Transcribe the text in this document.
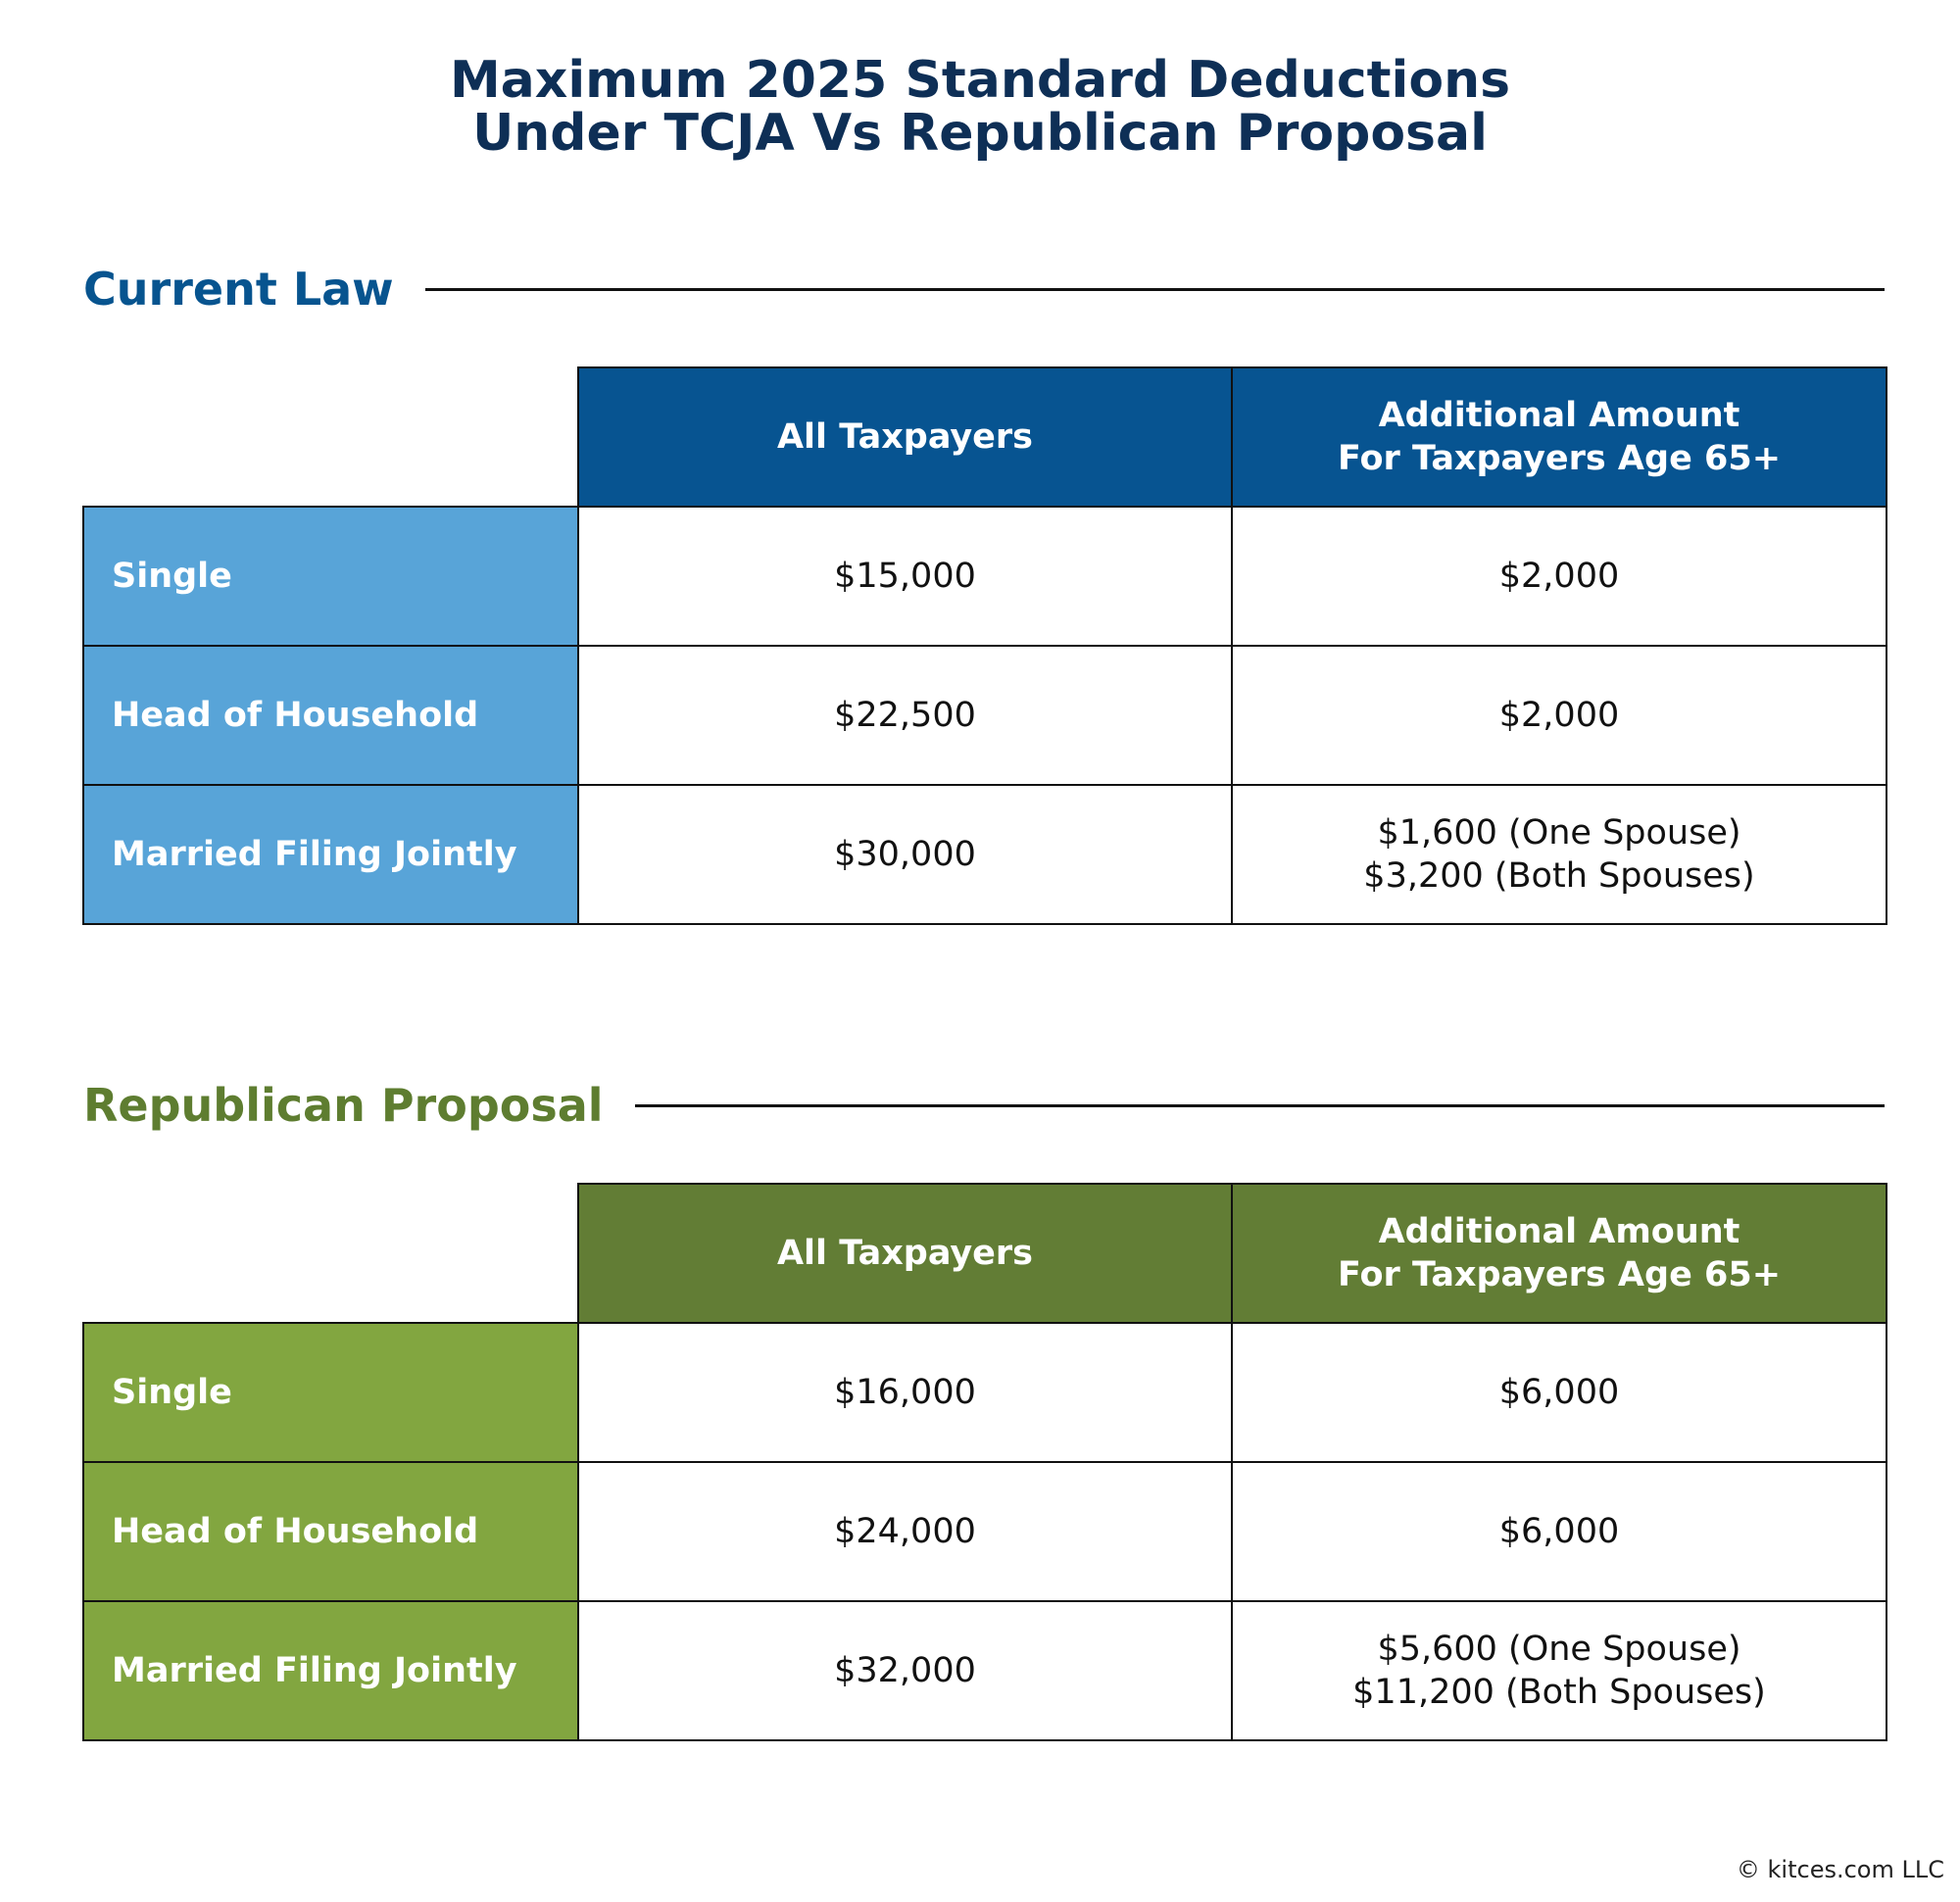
Maximum 2025 Standard Deductions
Under TCJA Vs Republican Proposal
Current Law
	All Taxpayers	Additional Amount
For Taxpayers Age 65+

Single	$15,000	$2,000

Head of Household	$22,500	$2,000

Married Filing Jointly	$30,000	$1,600 (One Spouse)
$3,200 (Both Spouses)
Republican Proposal
	All Taxpayers	Additional Amount
For Taxpayers Age 65+

Single	$16,000	$6,000

Head of Household	$24,000	$6,000

Married Filing Jointly	$32,000	$5,600 (One Spouse)
$11,200 (Both Spouses)
© kitces.com LLC
